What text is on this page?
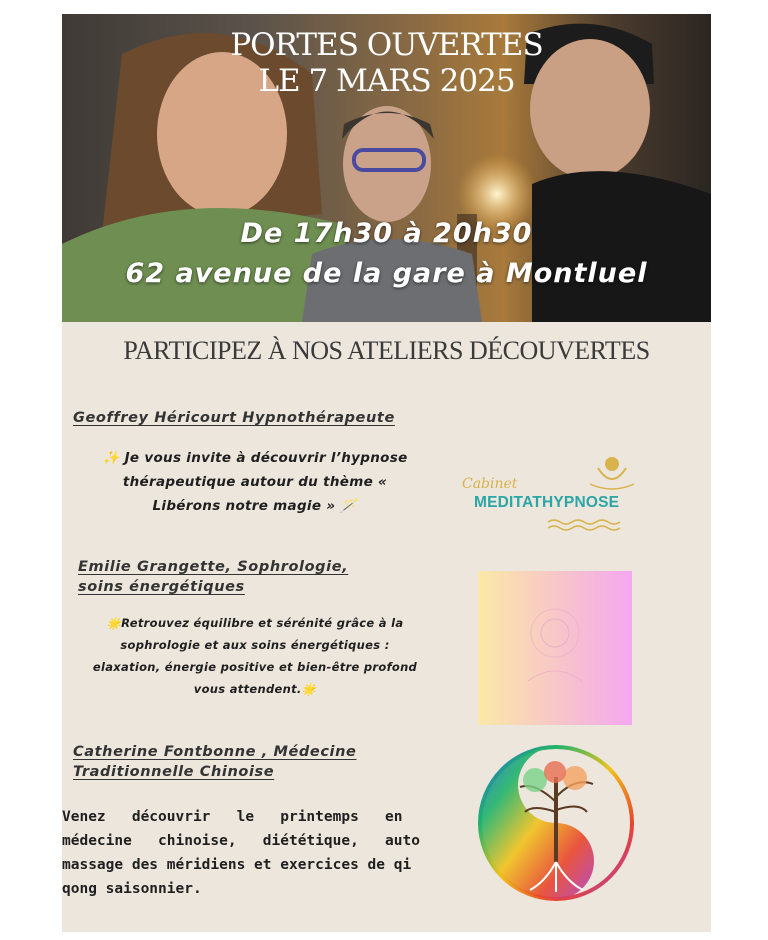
PORTES OUVERTES
LE 7 MARS 2025
De 17h30 à 20h30
62 avenue de la gare à Montluel
PARTICIPEZ À NOS ATELIERS DÉCOUVERTES
Geoffrey Héricourt Hypnothérapeute
✨ Je vous invite à découvrir l’hypnose
thérapeutique autour du thème «
Libérons notre magie » 🪄
Cabinet
MEDITATHYPNOSE
Emilie Grangette, Sophrologie,
soins énergétiques
🌟Retrouvez équilibre et sérénité grâce à la
sophrologie et aux soins énergétiques :
elaxation, énergie positive et bien-être profond
vous attendent.🌟
Catherine Fontbonne , Médecine
Traditionnelle Chinoise
Venez   découvrir   le   printemps   en
médecine   chinoise,   diététique,   auto
massage des méridiens et exercices de qi
qong saisonnier.
